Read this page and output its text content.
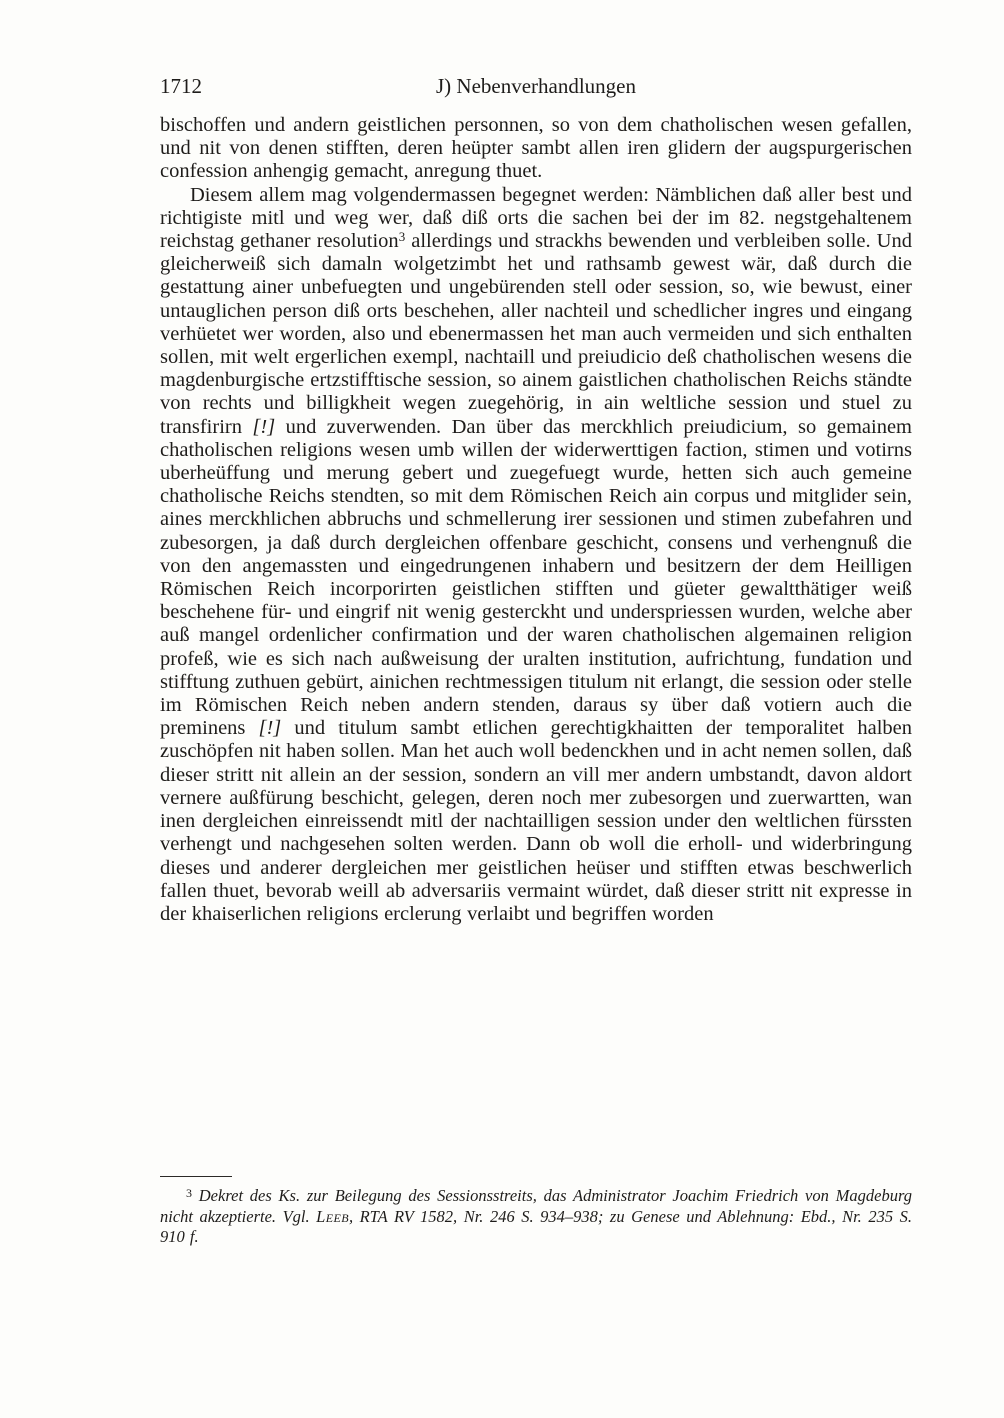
1712	J) Nebenverhandlungen

bischoffen und andern geistlichen personnen, so von dem chatholischen wesen gefallen, und nit von denen stifften, deren heüpter sambt allen iren glidern der augspurgerischen confession anhengig gemacht, anregung thuet.

Diesem allem mag volgendermassen begegnet werden: Nämblichen daß aller best und richtigiste mitl und weg wer, daß diß orts die sachen bei der im 82. negstgehaltenem reichstag gethaner resolution$^3$ allerdings und strackhs bewenden und verbleiben solle. Und gleicherweiß sich damaln wolgetzimbt het und rathsamb gewest wär, daß durch die gestattung ainer unbefuegten und ungebürenden stell oder session, so, wie bewust, einer untauglichen person diß orts beschehen, aller nachteil und schedlicher ingres und eingang verhüetet wer worden, also und ebenermassen het man auch vermeiden und sich enthalten sollen, mit welt ergerlichen exempl, nachtaill und preiudicio deß chatholischen wesens die magdenburgische ertzstifftische session, so ainem gaistlichen chatholischen Reichs ständte von rechts und billigkheit wegen zuegehörig, in ain weltliche session und stuel zu transfirirn [!] und zuverwenden. Dan über das merckhlich preiudicium, so gemainem chatholischen religions wesen umb willen der widerwerttigen faction, stimen und votirns uberheüffung und merung gebert und zuegefuegt wurde, hetten sich auch gemeine chatholische Reichs stendten, so mit dem Römischen Reich ain corpus und mitglider sein, aines merckhlichen abbruchs und schmellerung irer sessionen und stimen zubefahren und zubesorgen, ja daß durch dergleichen offenbare geschicht, consens und verhengnuß die von den angemassten und eingedrungenen inhabern und besitzern der dem Heilligen Römischen Reich incorporirten geistlichen stifften und güeter gewaltthätiger weiß beschehene für- und eingrif nit wenig gesterckht und underspriessen wurden, welche aber auß mangel ordenlicher confirmation und der waren chatholischen algemainen religion profeß, wie es sich nach außweisung der uralten institution, aufrichtung, fundation und stifftung zuthuen gebürt, ainichen rechtmessigen titulum nit erlangt, die session oder stelle im Römischen Reich neben andern stenden, daraus sy über daß votiern auch die preminens [!] und titulum sambt etlichen gerechtigkhaitten der temporalitet halben zuschöpfen nit haben sollen. Man het auch woll bedenckhen und in acht nemen sollen, daß dieser stritt nit allein an der session, sondern an vill mer andern umbstandt, davon aldort vernere außfürung beschicht, gelegen, deren noch mer zubesorgen und zuerwartten, wan inen dergleichen einreissendt mitl der nachtailligen session under den weltlichen fürssten verhengt und nachgesehen solten werden. Dann ob woll die erholl- und widerbringung dieses und anderer dergleichen mer geistlichen heüser und stifften etwas beschwerlich fallen thuet, bevorab weill ab adversariis vermaint würdet, daß dieser stritt nit expresse in der khaiserlichen religions erclerung verlaibt und begriffen worden

$^3$ Dekret des Ks. zur Beilegung des Sessionsstreits, das Administrator Joachim Friedrich von Magdeburg nicht akzeptierte. Vgl. Leeb, RTA RV 1582, Nr. 246 S. 934–938; zu Genese und Ablehnung: Ebd., Nr. 235 S. 910 f.
